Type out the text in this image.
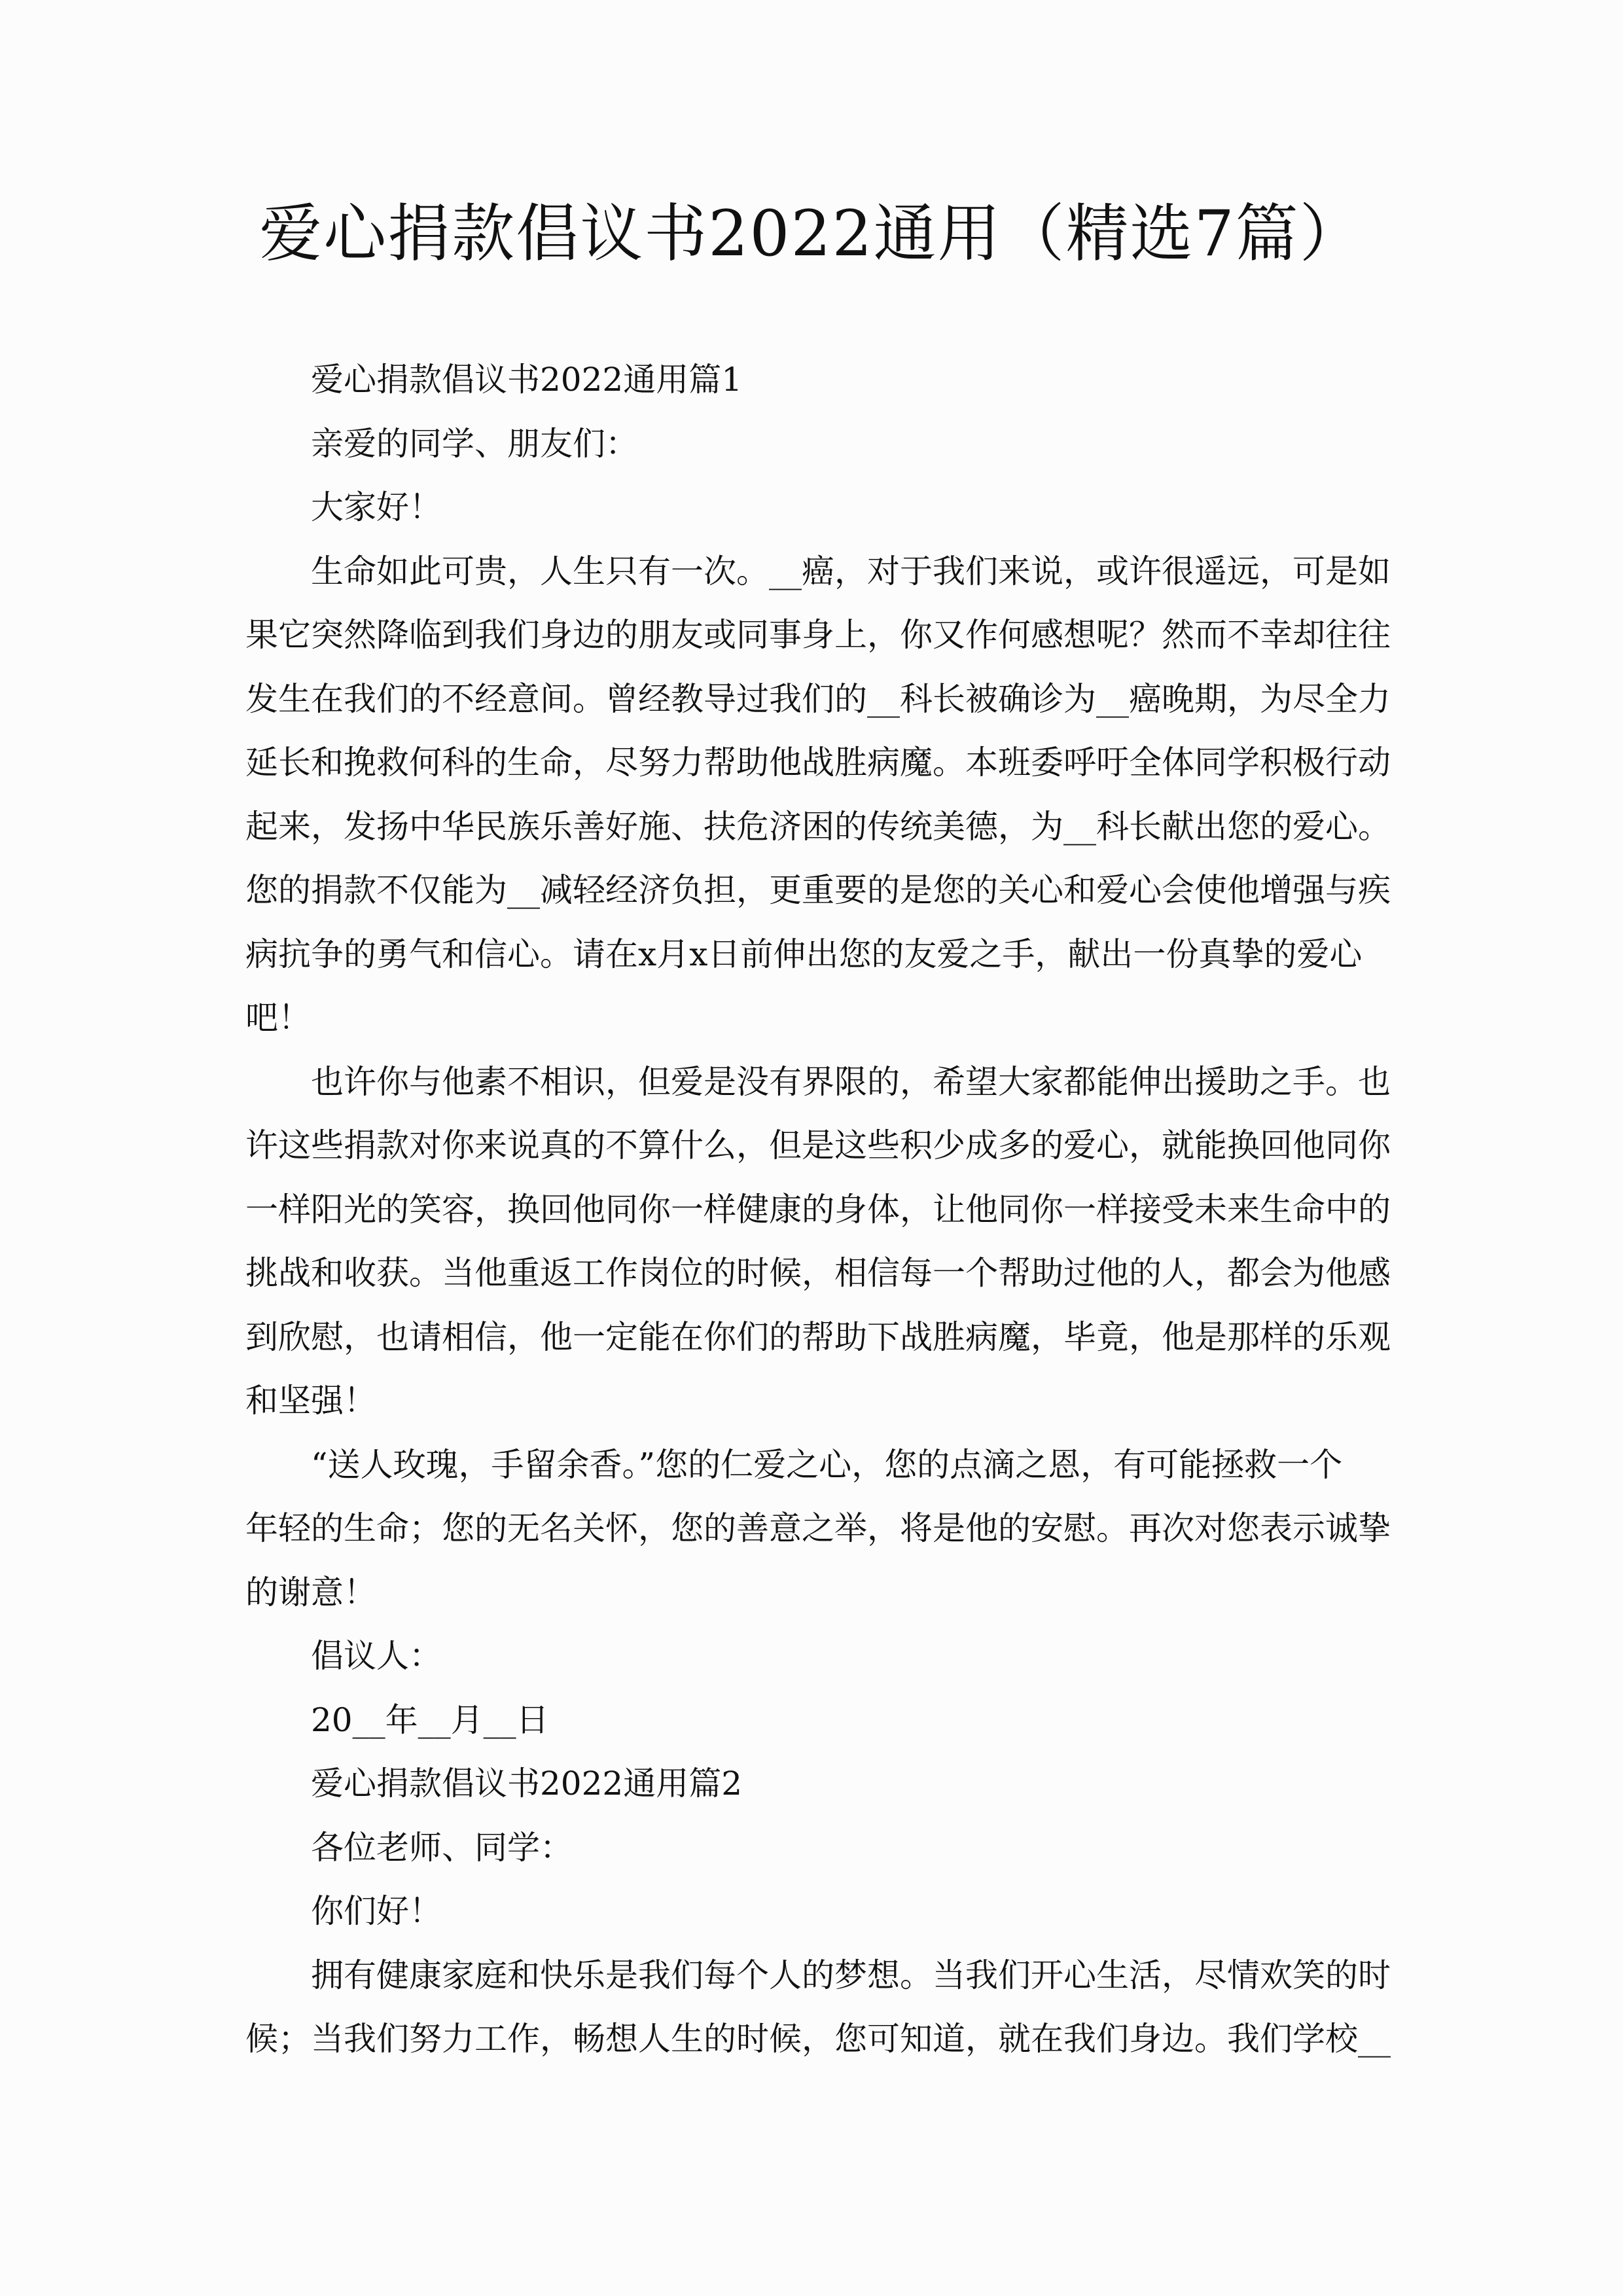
爱心捐款倡议书2022通用（精选7篇）
爱心捐款倡议书2022通用篇1
亲爱的同学、朋友们：
大家好！
生命如此可贵，人生只有一次。__癌，对于我们来说，或许很遥远，可是如
果它突然降临到我们身边的朋友或同事身上，你又作何感想呢？然而不幸却往往
发生在我们的不经意间。曾经教导过我们的__科长被确诊为__癌晚期，为尽全力
延长和挽救何科的生命，尽努力帮助他战胜病魔。本班委呼吁全体同学积极行动
起来，发扬中华民族乐善好施、扶危济困的传统美德，为__科长献出您的爱心。
您的捐款不仅能为__减轻经济负担，更重要的是您的关心和爱心会使他增强与疾
病抗争的勇气和信心。请在x月x日前伸出您的友爱之手，献出一份真挚的爱心
吧！
也许你与他素不相识，但爱是没有界限的，希望大家都能伸出援助之手。也
许这些捐款对你来说真的不算什么，但是这些积少成多的爱心，就能换回他同你
一样阳光的笑容，换回他同你一样健康的身体，让他同你一样接受未来生命中的
挑战和收获。当他重返工作岗位的时候，相信每一个帮助过他的人，都会为他感
到欣慰，也请相信，他一定能在你们的帮助下战胜病魔，毕竟，他是那样的乐观
和坚强！
“送人玫瑰，手留余香。”您的仁爱之心，您的点滴之恩，有可能拯救一个
年轻的生命；您的无名关怀，您的善意之举，将是他的安慰。再次对您表示诚挚
的谢意！
倡议人：
20__年__月__日
爱心捐款倡议书2022通用篇2
各位老师、同学：
你们好！
拥有健康家庭和快乐是我们每个人的梦想。当我们开心生活，尽情欢笑的时
候；当我们努力工作，畅想人生的时候，您可知道，就在我们身边。我们学校__
